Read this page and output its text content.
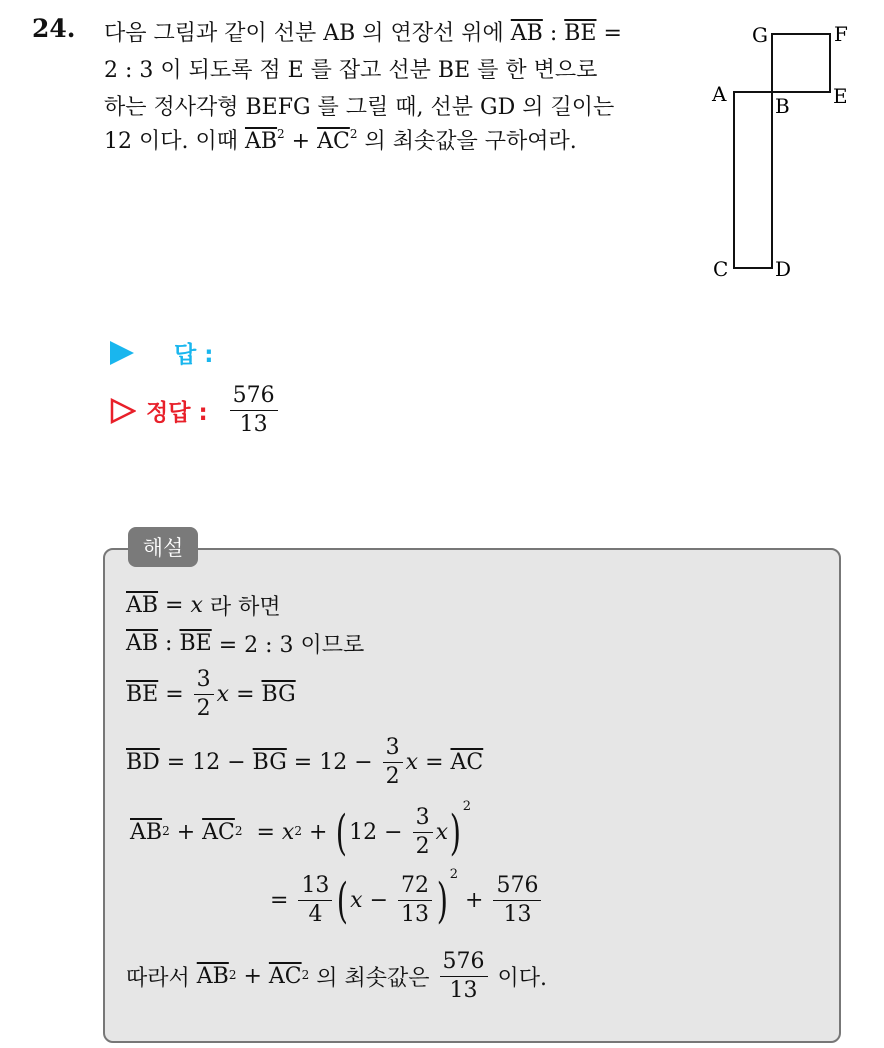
24. 다음 그림과 같이 선분 AB 의 연장선 위에 $\overline{AB}$ : $\overline{BE}$ =
2 : 3 이 되도록 점 E 를 잡고 선분 BE 를 한 변으로
하는 정사각형 BEFG 를 그릴 때, 선분 GD 의 길이는
12 이다. 이때 $\overline{AB}^2 + \overline{AC}^2$ 의 최솟값을 구하여라.
G	F
E
A B
C D
답 :
정답 : $\frac{576}{13}$
해설
$\overline{AB} = x$ 라 하면
$\overline{AB}$ : $\overline{BE} = 2$ : 3 이므로
$\overline{BE} = \frac{3}{2}$ $x = \overline{BG}$
$\overline{BD} = 12 - \overline{BG} = 12 - \frac{3}{2}$ $x = \overline{AC}$
$\overline{AB}^2 + \overline{AC}^2 = x^2$ + ( $12 - \frac{3}{2}$ x ) 2
= $\frac{13}{4}$ ( $x - \frac{72}{13}$ ) 2
+ $\frac{576}{13}$
따라서 $\overline{AB}^2 + \overline{AC}^2$ 의 최솟값은 $\frac{576}{13}$ 이다.
